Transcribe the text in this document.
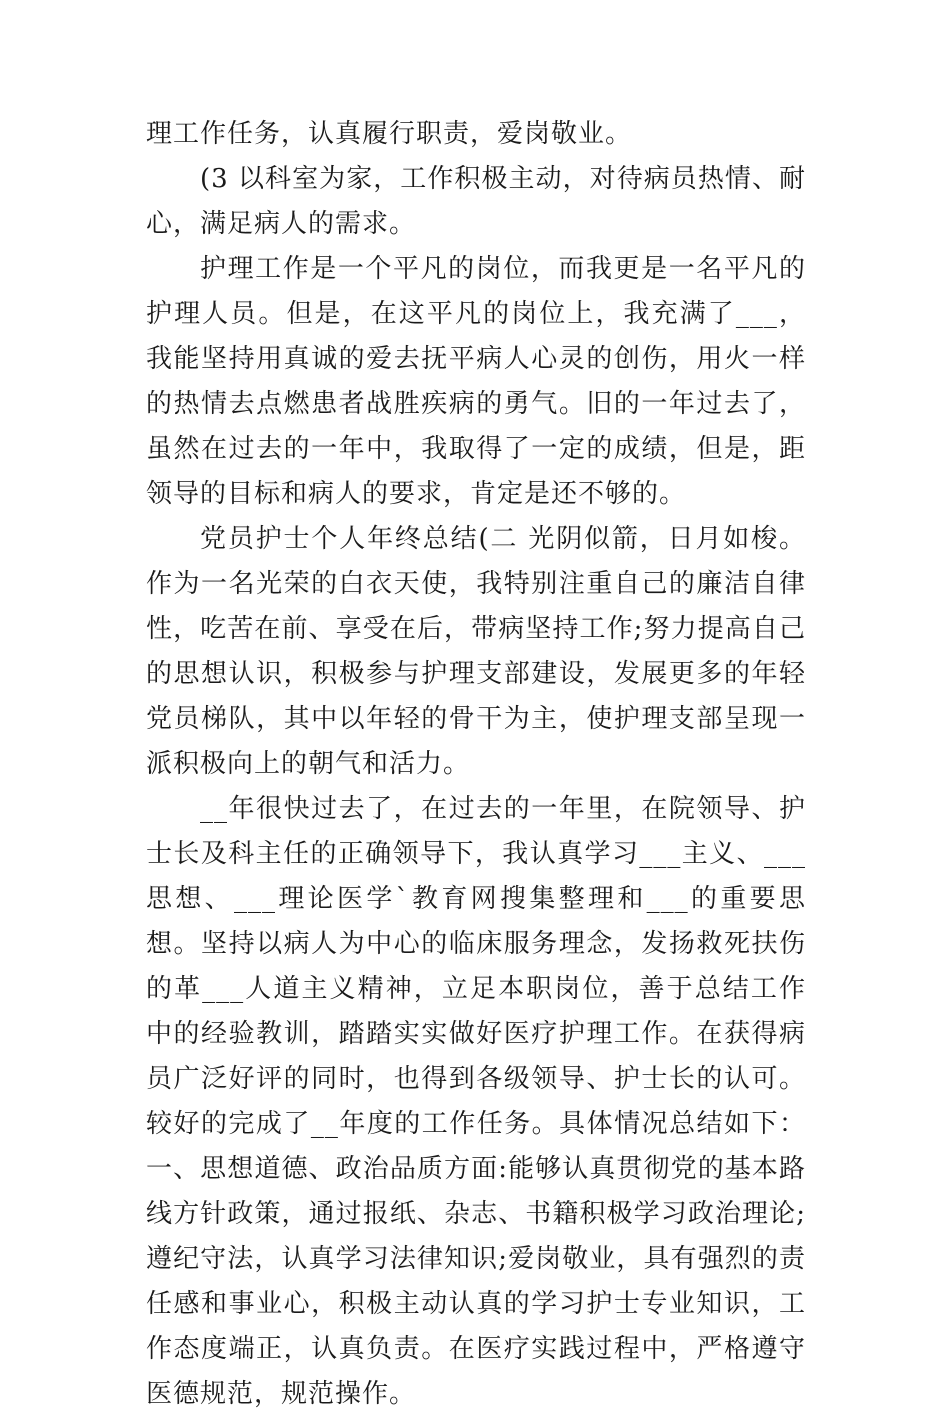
理工作任务，认真履行职责，爱岗敬业。

(3 以科室为家，工作积极主动，对待病员热情、耐心，满足病人的需求。

护理工作是一个平凡的岗位，而我更是一名平凡的护理人员。但是，在这平凡的岗位上，我充满了___，我能坚持用真诚的爱去抚平病人心灵的创伤，用火一样的热情去点燃患者战胜疾病的勇气。旧的一年过去了，虽然在过去的一年中，我取得了一定的成绩，但是，距领导的目标和病人的要求，肯定是还不够的。

党员护士个人年终总结(二 光阴似箭，日月如梭。作为一名光荣的白衣天使，我特别注重自己的廉洁自律性，吃苦在前、享受在后，带病坚持工作;努力提高自己的思想认识，积极参与护理支部建设，发展更多的年轻党员梯队，其中以年轻的骨干为主，使护理支部呈现一派积极向上的朝气和活力。

__年很快过去了，在过去的一年里，在院领导、护士长及科主任的正确领导下，我认真学习___主义、___思想、___理论医学`教育网搜集整理和___的重要思想。坚持以病人为中心的临床服务理念，发扬救死扶伤的革___人道主义精神，立足本职岗位，善于总结工作中的经验教训，踏踏实实做好医疗护理工作。在获得病员广泛好评的同时，也得到各级领导、护士长的认可。较好的完成了__年度的工作任务。具体情况总结如下：一、思想道德、政治品质方面:能够认真贯彻党的基本路线方针政策，通过报纸、杂志、书籍积极学习政治理论;遵纪守法，认真学习法律知识;爱岗敬业，具有强烈的责任感和事业心，积极主动认真的学习护士专业知识，工作态度端正，认真负责。在医疗实践过程中，严格遵守医德规范，规范操作。
